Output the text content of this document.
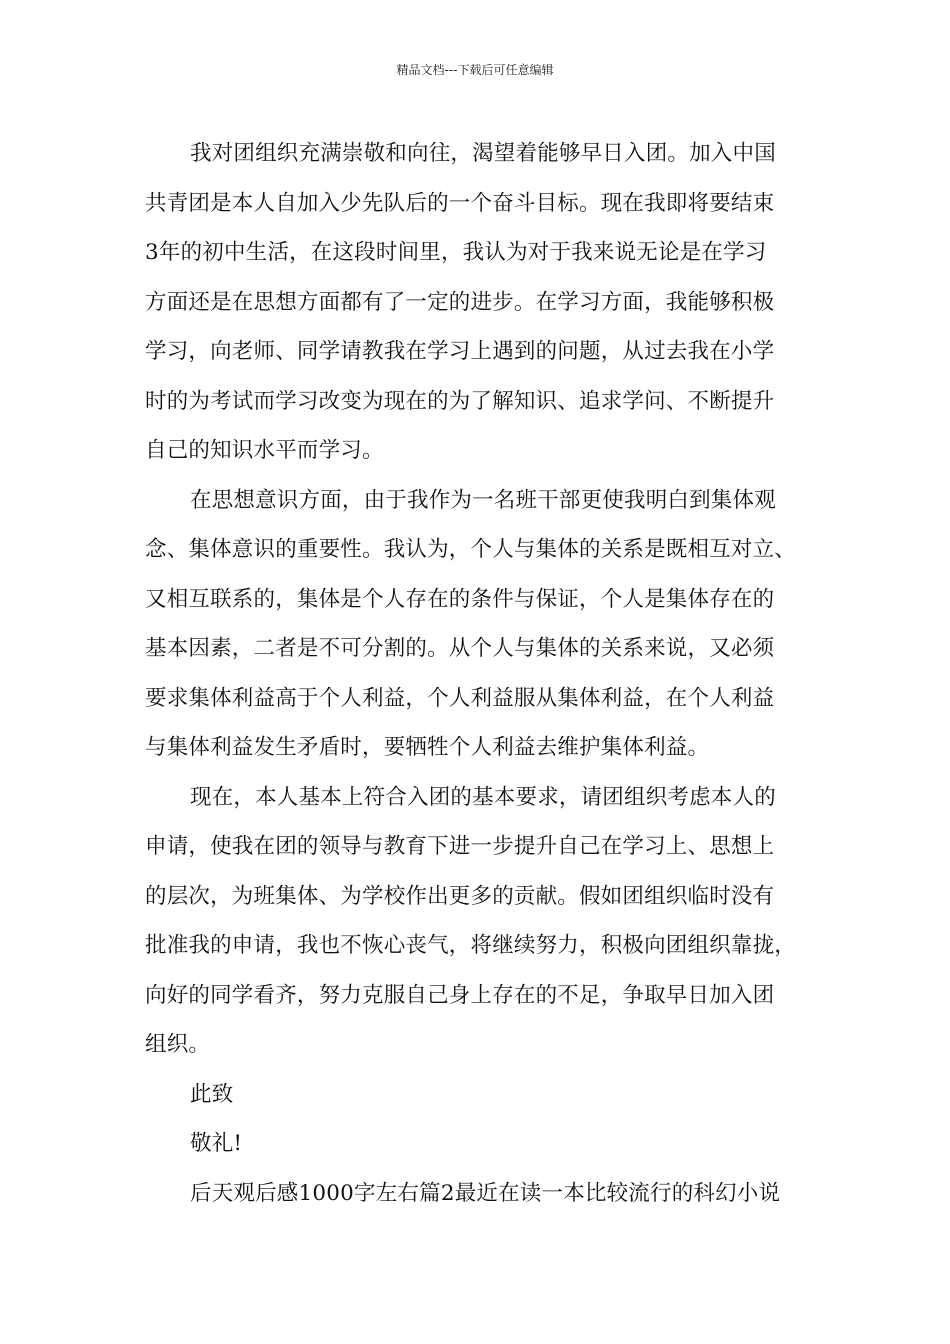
精品文档---下载后可任意编辑
我对团组织充满崇敬和向往，渴望着能够早日入团。加入中国
共青团是本人自加入少先队后的一个奋斗目标。现在我即将要结束
3年的初中生活，在这段时间里，我认为对于我来说无论是在学习
方面还是在思想方面都有了一定的进步。在学习方面，我能够积极
学习，向老师、同学请教我在学习上遇到的问题，从过去我在小学
时的为考试而学习改变为现在的为了解知识、追求学问、不断提升
自己的知识水平而学习。
在思想意识方面，由于我作为一名班干部更使我明白到集体观
念、集体意识的重要性。我认为，个人与集体的关系是既相互对立、
又相互联系的，集体是个人存在的条件与保证，个人是集体存在的
基本因素，二者是不可分割的。从个人与集体的关系来说，又必须
要求集体利益高于个人利益，个人利益服从集体利益，在个人利益
与集体利益发生矛盾时，要牺牲个人利益去维护集体利益。
现在，本人基本上符合入团的基本要求，请团组织考虑本人的
申请，使我在团的领导与教育下进一步提升自己在学习上、思想上
的层次，为班集体、为学校作出更多的贡献。假如团组织临时没有
批准我的申请，我也不恢心丧气，将继续努力，积极向团组织靠拢，
向好的同学看齐，努力克服自己身上存在的不足，争取早日加入团
组织。
此致
敬礼!
后天观后感1000字左右篇2最近在读一本比较流行的科幻小说
